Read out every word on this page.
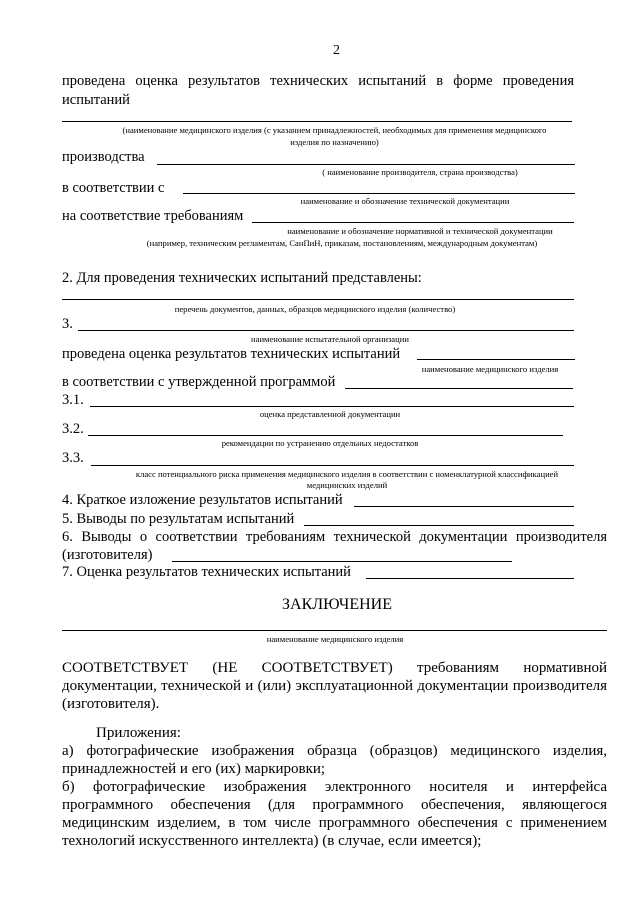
2
проведена оценка результатов технических испытаний в форме проведения
испытаний
(наименование медицинского изделия (с указанием принадлежностей, необходимых для применения медицинского
изделия по назначению)
производства
( наименование производителя, страна производства)
в соответствии с
наименование и обозначение технической документации
на соответствие требованиям
наименование и обозначение нормативной и технической документации
(например, техническим регламентам, СанПиН, приказам, постановлениям, международным документам)
2. Для проведения технических испытаний представлены:
перечень документов, данных, образцов медицинского изделия (количество)
3.
наименование испытательной организации
проведена оценка результатов технических испытаний
наименование медицинского изделия
в соответствии с утвержденной программой
3.1.
оценка представленной документации
3.2.
рекомендации по устранению отдельных недостатков
3.3.
класс потенциального риска применения медицинского изделия в соответствии с номенклатурной классификацией
медицинских изделий
4. Краткое изложение результатов испытаний
5. Выводы по результатам испытаний
6. Выводы о соответствии требованиям технической документации производителя
(изготовителя)
7. Оценка результатов технических испытаний
ЗАКЛЮЧЕНИЕ
наименование медицинского изделия
СООТВЕТСТВУЕТ (НЕ СООТВЕТСТВУЕТ) требованиям нормативной
документации, технической и (или) эксплуатационной документации производителя
(изготовителя).
Приложения:
а) фотографические изображения образца (образцов) медицинского изделия,
принадлежностей и его (их) маркировки;
б) фотографические изображения электронного носителя и интерфейса
программного обеспечения (для программного обеспечения, являющегося
медицинским изделием, в том числе программного обеспечения с применением
технологий искусственного интеллекта) (в случае, если имеется);
